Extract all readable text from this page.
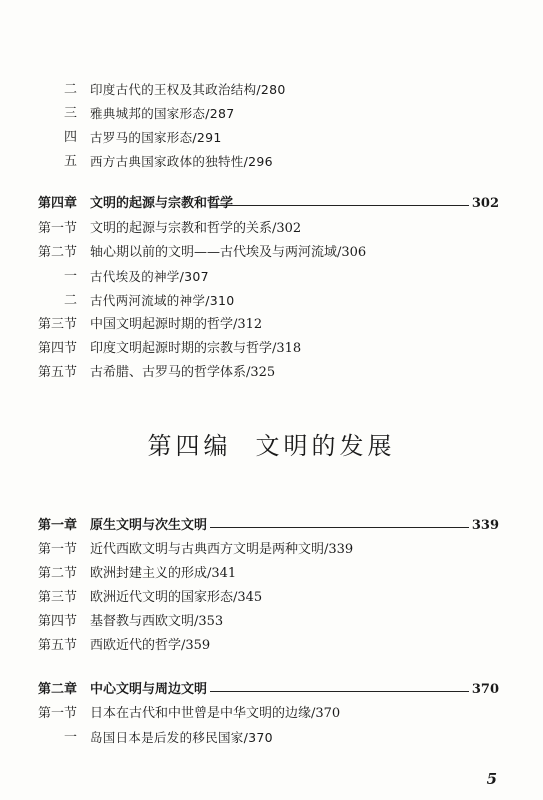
二 印度古代的王权及其政治结构/280
三 雅典城邦的国家形态/287
四 古罗马的国家形态/291
五 西方古典国家政体的独特性/296
第四章 文明的起源与宗教和哲学	302
第一节 文明的起源与宗教和哲学的关系/302
第二节 轴心期以前的文明——古代埃及与两河流域/306
一 古代埃及的神学/307
二 古代两河流域的神学/310
第三节 中国文明起源时期的哲学/312
第四节 印度文明起源时期的宗教与哲学/318
第五节 古希腊、古罗马的哲学体系/325
第四编 文明的发展
第一章 原生文明与次生文明	339
第一节 近代西欧文明与古典西方文明是两种文明/339
第二节 欧洲封建主义的形成/341
第三节 欧洲近代文明的国家形态/345
第四节 基督教与西欧文明/353
第五节 西欧近代的哲学/359
第二章 中心文明与周边文明	370
第一节 日本在古代和中世曾是中华文明的边缘/370
一 岛国日本是后发的移民国家/370
5
